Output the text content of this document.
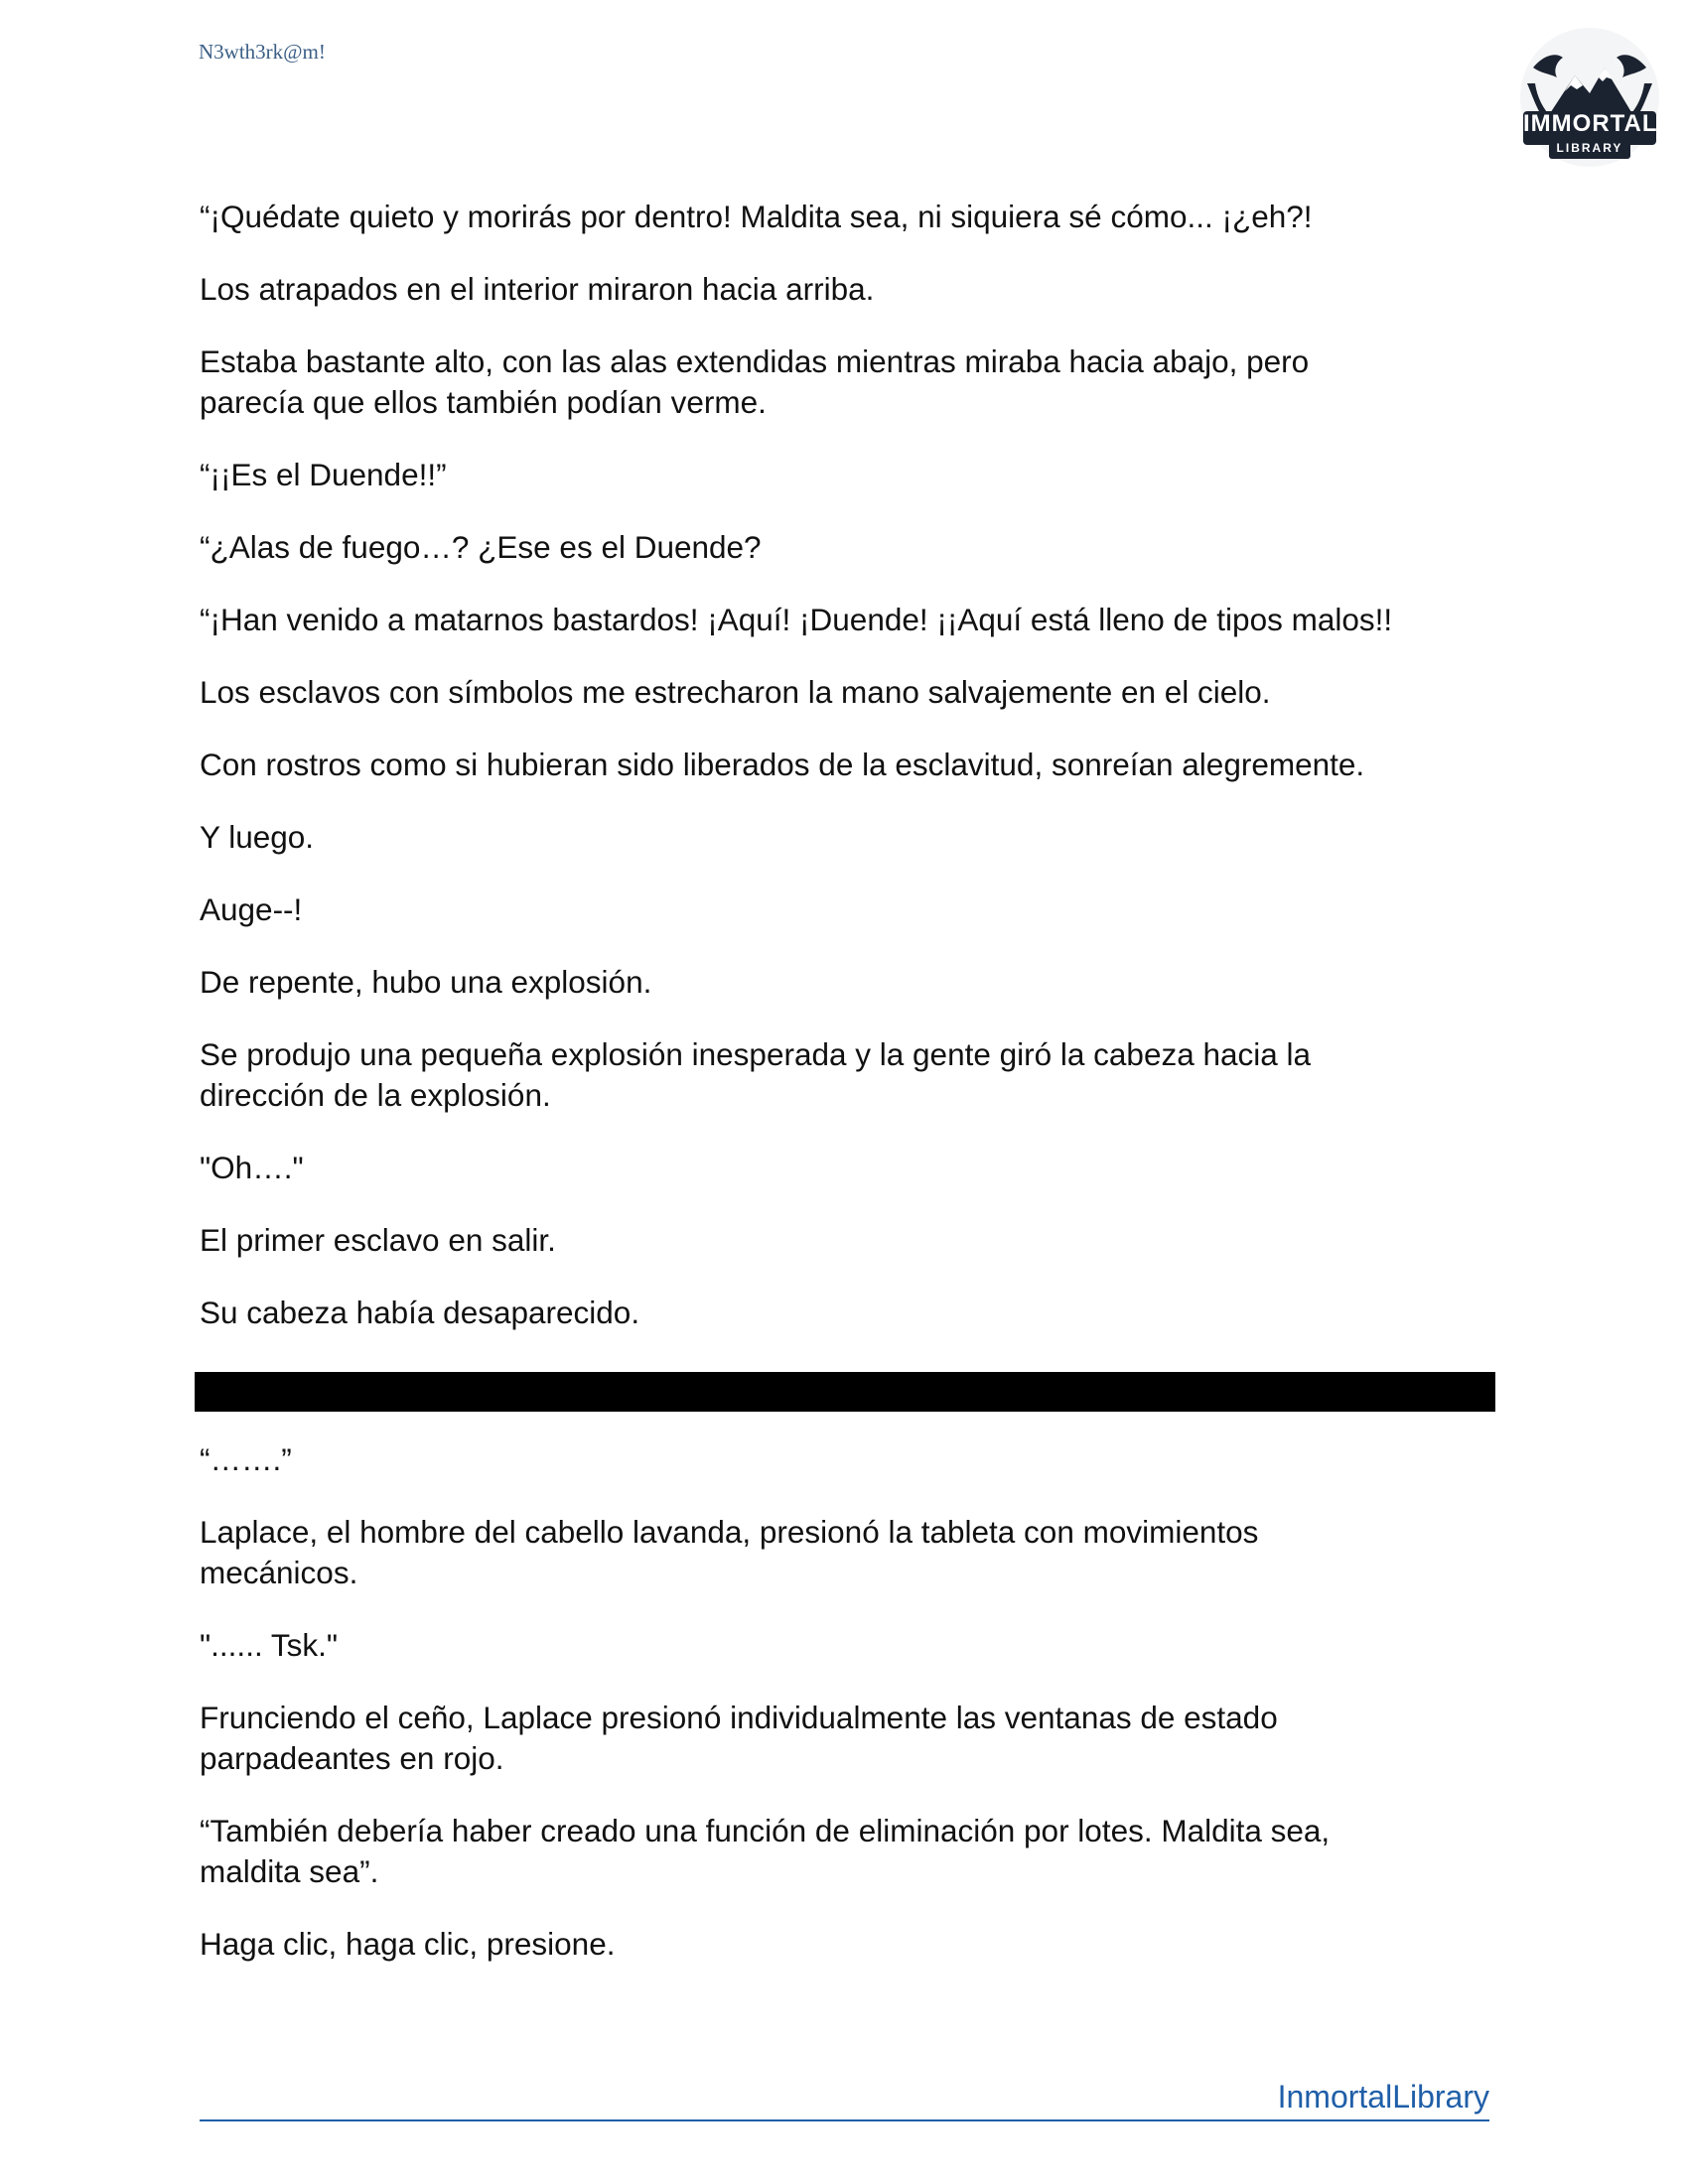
N3wth3rk@m!
IMMORTAL
LIBRARY

“¡Quédate quieto y morirás por dentro! Maldita sea, ni siquiera sé cómo... ¡¿eh?!

Los atrapados en el interior miraron hacia arriba.

Estaba bastante alto, con las alas extendidas mientras miraba hacia abajo, pero
parecía que ellos también podían verme.

“¡¡Es el Duende!!”

“¿Alas de fuego…? ¿Ese es el Duende?

“¡Han venido a matarnos bastardos! ¡Aquí! ¡Duende! ¡¡Aquí está lleno de tipos malos!!

Los esclavos con símbolos me estrecharon la mano salvajemente en el cielo.

Con rostros como si hubieran sido liberados de la esclavitud, sonreían alegremente.

Y luego.

Auge--!

De repente, hubo una explosión.

Se produjo una pequeña explosión inesperada y la gente giró la cabeza hacia la
dirección de la explosión.

"Oh…."

El primer esclavo en salir.

Su cabeza había desaparecido.

“…….”

Laplace, el hombre del cabello lavanda, presionó la tableta con movimientos
mecánicos.

"...... Tsk."

Frunciendo el ceño, Laplace presionó individualmente las ventanas de estado
parpadeantes en rojo.

“También debería haber creado una función de eliminación por lotes. Maldita sea,
maldita sea”.

Haga clic, haga clic, presione.

InmortalLibrary
